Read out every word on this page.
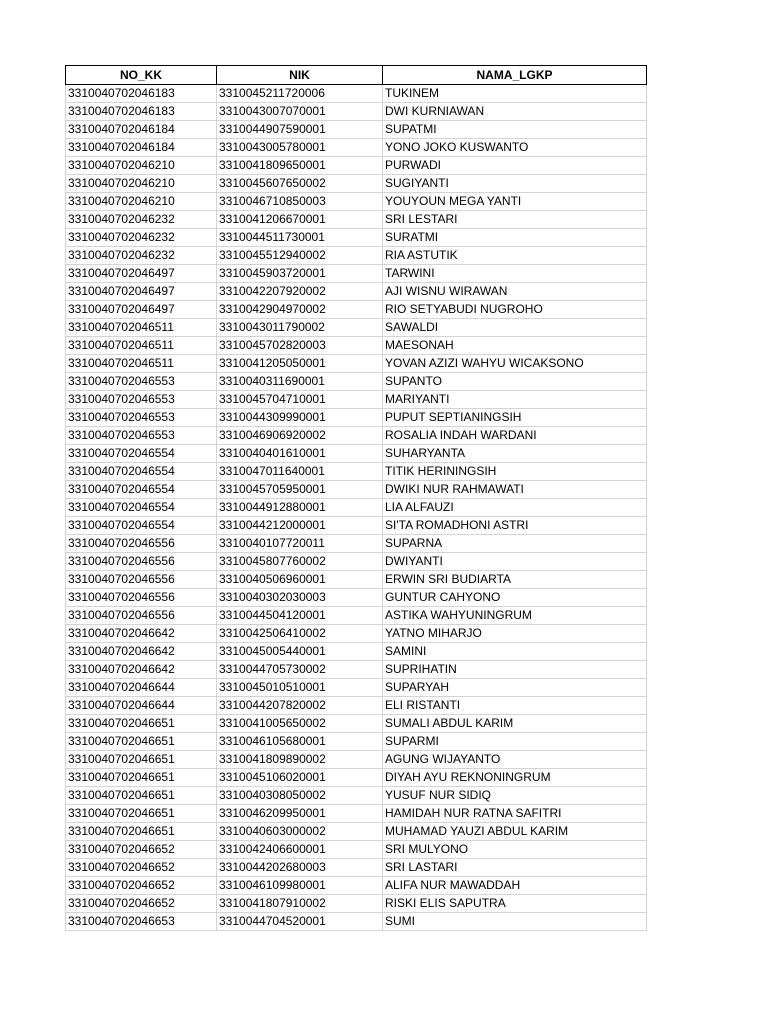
NO_KK	NIK	NAMA_LGKP
3310040702046183	3310045211720006	TUKINEM
3310040702046183	3310043007070001	DWI KURNIAWAN
3310040702046184	3310044907590001	SUPATMI
3310040702046184	3310043005780001	YONO JOKO KUSWANTO
3310040702046210	3310041809650001	PURWADI
3310040702046210	3310045607650002	SUGIYANTI
3310040702046210	3310046710850003	YOUYOUN MEGA YANTI
3310040702046232	3310041206670001	SRI LESTARI
3310040702046232	3310044511730001	SURATMI
3310040702046232	3310045512940002	RIA ASTUTIK
3310040702046497	3310045903720001	TARWINI
3310040702046497	3310042207920002	AJI WISNU WIRAWAN
3310040702046497	3310042904970002	RIO SETYABUDI NUGROHO
3310040702046511	3310043011790002	SAWALDI
3310040702046511	3310045702820003	MAESONAH
3310040702046511	3310041205050001	YOVAN AZIZI WAHYU WICAKSONO
3310040702046553	3310040311690001	SUPANTO
3310040702046553	3310045704710001	MARIYANTI
3310040702046553	3310044309990001	PUPUT SEPTIANINGSIH
3310040702046553	3310046906920002	ROSALIA INDAH WARDANI
3310040702046554	3310040401610001	SUHARYANTA
3310040702046554	3310047011640001	TITIK HERININGSIH
3310040702046554	3310045705950001	DWIKI NUR RAHMAWATI
3310040702046554	3310044912880001	LIA ALFAUZI
3310040702046554	3310044212000001	SI'TA ROMADHONI ASTRI
3310040702046556	3310040107720011	SUPARNA
3310040702046556	3310045807760002	DWIYANTI
3310040702046556	3310040506960001	ERWIN SRI BUDIARTA
3310040702046556	3310040302030003	GUNTUR CAHYONO
3310040702046556	3310044504120001	ASTIKA WAHYUNINGRUM
3310040702046642	3310042506410002	YATNO MIHARJO
3310040702046642	3310045005440001	SAMINI
3310040702046642	3310044705730002	SUPRIHATIN
3310040702046644	3310045010510001	SUPARYAH
3310040702046644	3310044207820002	ELI RISTANTI
3310040702046651	3310041005650002	SUMALI ABDUL KARIM
3310040702046651	3310046105680001	SUPARMI
3310040702046651	3310041809890002	AGUNG WIJAYANTO
3310040702046651	3310045106020001	DIYAH AYU REKNONINGRUM
3310040702046651	3310040308050002	YUSUF NUR SIDIQ
3310040702046651	3310046209950001	HAMIDAH NUR RATNA SAFITRI
3310040702046651	3310040603000002	MUHAMAD YAUZI ABDUL KARIM
3310040702046652	3310042406600001	SRI MULYONO
3310040702046652	3310044202680003	SRI LASTARI
3310040702046652	3310046109980001	ALIFA NUR MAWADDAH
3310040702046652	3310041807910002	RISKI ELIS SAPUTRA
3310040702046653	3310044704520001	SUMI
